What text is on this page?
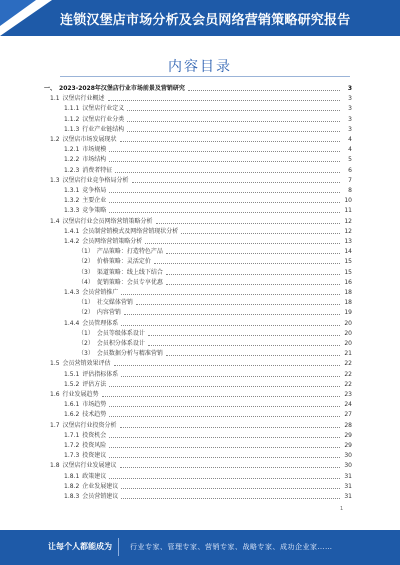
连锁汉堡店市场分析及会员网络营销策略研究报告
内容目录
一、 2023-2028年汉堡店行业市场前景及营销研究	3
1.1 汉堡店行业概述	3
1.1.1 汉堡店行业定义	3
1.1.2 汉堡店行业分类	3
1.1.3 行业产业链结构	3
1.2 汉堡店市场发展现状	4
1.2.1 市场规模	4
1.2.2 市场结构	5
1.2.3 消费者特征	6
1.3 汉堡店行业竞争格局分析	7
1.3.1 竞争格局	8
1.3.2 主要企业	10
1.3.3 竞争策略	11
1.4 汉堡店行业会员网络营销策略分析	12
1.4.1 会员制营销模式及网络营销现状分析	12
1.4.2 会员网络营销策略分析	13
（1） 产品策略：打造特色产品	14
（2） 价格策略：灵活定价	15
（3） 渠道策略：线上线下结合	15
（4） 促销策略：会员专享优惠	16
1.4.3 会员营销推广	18
（1） 社交媒体营销	18
（2） 内容营销	19
1.4.4 会员管理体系	20
（1） 会员等级体系设计	20
（2） 会员积分体系设计	20
（3） 会员数据分析与精准营销	21
1.5 会员营销效果评估	22
1.5.1 评估指标体系	22
1.5.2 评估方法	22
1.6 行业发展趋势	23
1.6.1 市场趋势	24
1.6.2 技术趋势	27
1.7 汉堡店行业投资分析	28
1.7.1 投资机会	29
1.7.2 投资风险	29
1.7.3 投资建议	30
1.8 汉堡店行业发展建议	30
1.8.1 政策建议	31
1.8.2 企业发展建议	31
1.8.3 会员营销建议	31
1
让每个人都能成为	行业专家、管理专家、营销专家、战略专家、成功企业家……
